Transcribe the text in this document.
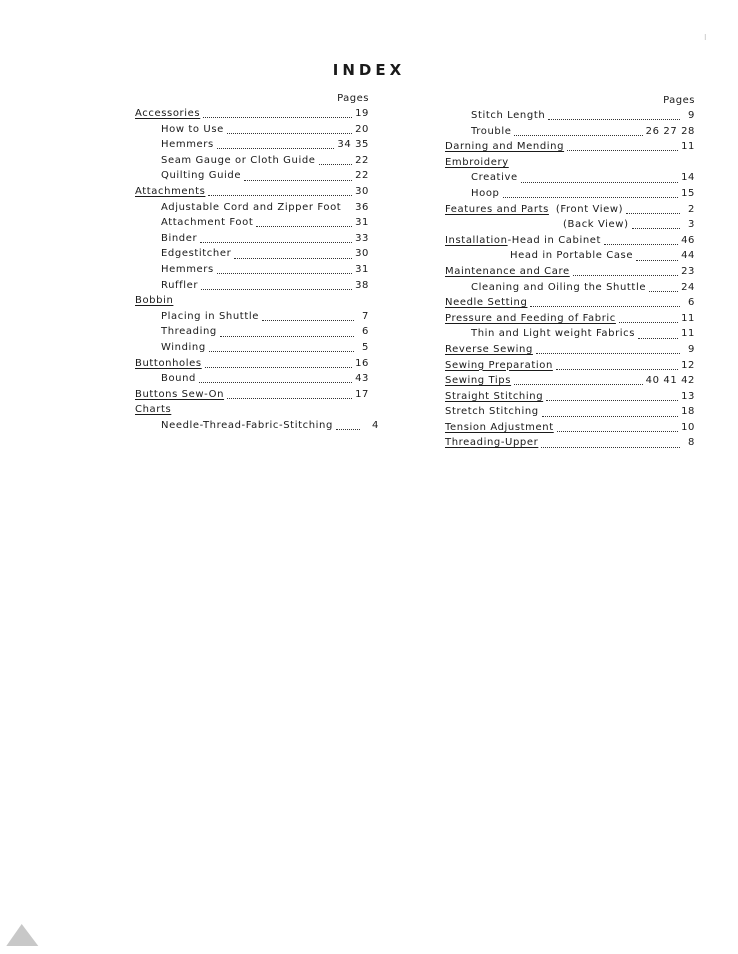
INDEX
Pages
Accessories	19
How to Use	20
Hemmers	34 35
Seam Gauge or Cloth Guide	22
Quilting Guide	22
Attachments	30
Adjustable Cord and Zipper Foot 36
Attachment Foot	31
Binder	33
Edgestitcher	30
Hemmers	31
Ruffler	38
Bobbin
Placing in Shuttle	7
Threading	6
Winding	5
Buttonholes	16
Bound	43
Buttons Sew-On	17
Charts
Needle-Thread-Fabric-Stitching	4
Pages
Stitch Length	9
Trouble	26 27 28
Darning and Mending	11
Embroidery
Creative	14
Hoop	15
Features and Parts (Front View)	2
(Back View)	3
Installation -Head in Cabinet	46
Head in Portable Case	44
Maintenance and Care	23
Cleaning and Oiling the Shuttle	24
Needle Setting	6
Pressure and Feeding of Fabric	11
Thin and Light weight Fabrics	11
Reverse Sewing	9
Sewing Preparation	12
Sewing Tips	40 41 42
Straight Stitching	13
Stretch Stitching	18
Tension Adjustment	10
Threading-Upper	8
⁝
